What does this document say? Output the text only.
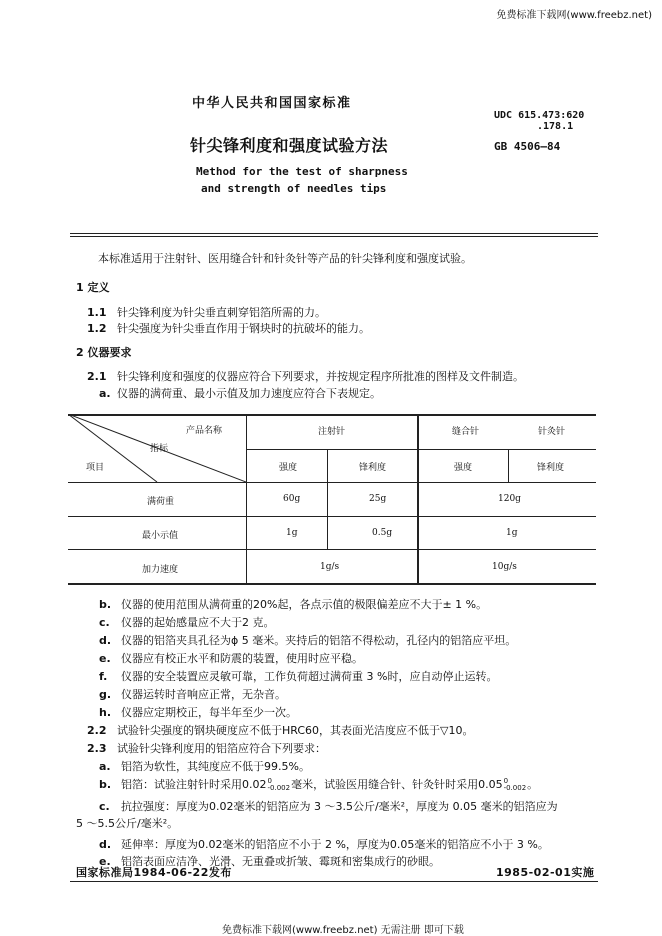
免费标准下载网(www.freebz.net)
中华人民共和国国家标准
UDC 615.473:620
.178.1
针尖锋利度和强度试验方法	GB 4506—84
Method for the test of sharpness
and strength of needles tips
本标准适用于注射针、医用缝合针和针灸针等产品的针尖锋利度和强度试验。
1 定义
1.1 针尖锋利度为针尖垂直刺穿铝箔所需的力。
1.2 针尖强度为针尖垂直作用于钢块时的抗破坏的能力。
2 仪器要求
2.1 针尖锋利度和强度的仪器应符合下列要求，并按规定程序所批准的图样及文件制造。
a. 仪器的满荷重、最小示值及加力速度应符合下表规定。
产品名称
指标
项目
注射针	缝合针	针灸针
强度	锋利度	强度	锋利度
满荷重	60g	25g	120g
最小示值	1g	0.5g	1g
加力速度	1g/s	10g/s
b. 仪器的使用范围从满荷重的20%起，各点示值的极限偏差应不大于± 1 %。
c. 仪器的起始感量应不大于2 克。
d. 仪器的铝箔夹具孔径为ϕ 5 毫米。夹持后的铝箔不得松动，孔径内的铝箔应平坦。
e. 仪器应有校正水平和防震的装置，使用时应平稳。
f. 仪器的安全装置应灵敏可靠，工作负荷超过满荷重 3 %时，应自动停止运转。
g. 仪器运转时音响应正常，无杂音。
h. 仪器应定期校正，每半年至少一次。
2.2 试验针尖强度的钢块硬度应不低于HRC60，其表面光洁度应不低于▽10。
2.3 试验针尖锋利度用的铝箔应符合下列要求：
a. 铝箔为软性，其纯度应不低于99.5%。
b. 铝箔：试验注射针时采用0.02 0
-0.002 毫米，试验医用缝合针、针灸针时采用0.05 0
-0.002 。
c. 抗拉强度：厚度为0.02毫米的铝箔应为 3 ～3.5公斤/毫米²，厚度为 0.05 毫米的铝箔应为
5 ～5.5公斤/毫米²。
d. 延伸率：厚度为0.02毫米的铝箔应不小于 2 %，厚度为0.05毫米的铝箔应不小于 3 %。
e. 铝箔表面应洁净、光滑、无重叠或折皱、霉斑和密集成行的砂眼。
国家标准局1984-06-22发布	1985-02-01实施
免费标准下载网(www.freebz.net) 无需注册 即可下载
